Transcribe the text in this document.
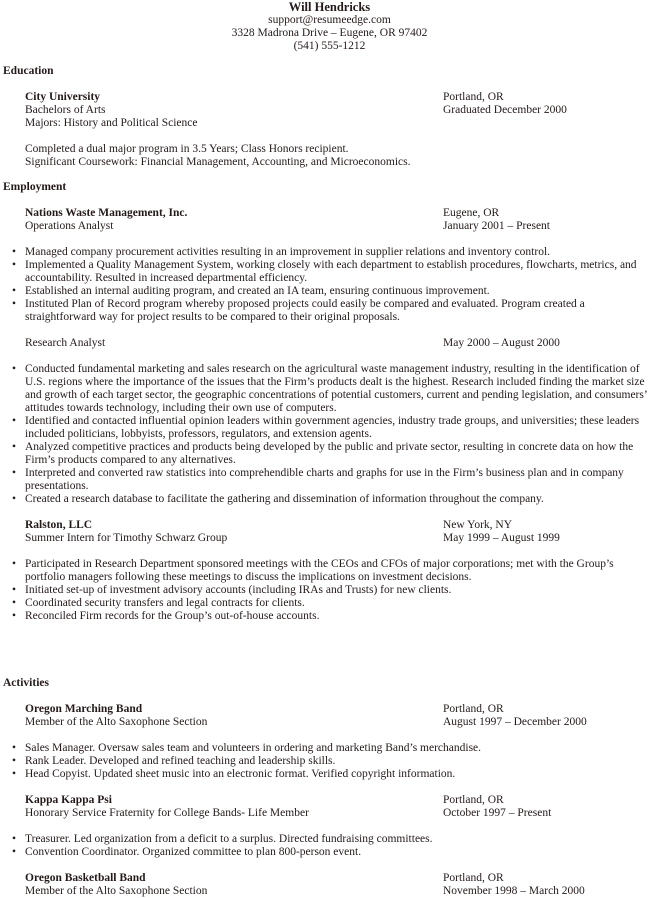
Will Hendricks
support@resumeedge.com
3328 Madrona Drive – Eugene, OR 97402
(541) 555-1212
Education
City University	Portland, OR
Bachelors of Arts	Graduated December 2000
Majors: History and Political Science
Completed a dual major program in 3.5 Years; Class Honors recipient.
Significant Coursework: Financial Management, Accounting, and Microeconomics.
Employment
Nations Waste Management, Inc.	Eugene, OR
Operations Analyst	January 2001 – Present
• Managed company procurement activities resulting in an improvement in supplier relations and inventory control.
• Implemented a Quality Management System, working closely with each department to establish procedures, flowcharts, metrics, and accountability. Resulted in increased departmental efficiency.
• Established an internal auditing program, and created an IA team, ensuring continuous improvement.
• Instituted Plan of Record program whereby proposed projects could easily be compared and evaluated. Program created a straightforward way for project results to be compared to their original proposals.
Research Analyst	May 2000 – August 2000
• Conducted fundamental marketing and sales research on the agricultural waste management industry, resulting in the identification of U.S. regions where the importance of the issues that the Firm’s products dealt is the highest. Research included finding the market size and growth of each target sector, the geographic concentrations of potential customers, current and pending legislation, and consumers’ attitudes towards technology, including their own use of computers.
• Identified and contacted influential opinion leaders within government agencies, industry trade groups, and universities; these leaders included politicians, lobbyists, professors, regulators, and extension agents.
• Analyzed competitive practices and products being developed by the public and private sector, resulting in concrete data on how the Firm’s products compared to any alternatives.
• Interpreted and converted raw statistics into comprehendible charts and graphs for use in the Firm’s business plan and in company presentations.
• Created a research database to facilitate the gathering and dissemination of information throughout the company.
Ralston, LLC	New York, NY
Summer Intern for Timothy Schwarz Group	May 1999 – August 1999
• Participated in Research Department sponsored meetings with the CEOs and CFOs of major corporations; met with the Group’s portfolio managers following these meetings to discuss the implications on investment decisions.
• Initiated set-up of investment advisory accounts (including IRAs and Trusts) for new clients.
• Coordinated security transfers and legal contracts for clients.
• Reconciled Firm records for the Group’s out-of-house accounts.
Activities
Oregon Marching Band	Portland, OR
Member of the Alto Saxophone Section	August 1997 – December 2000
• Sales Manager. Oversaw sales team and volunteers in ordering and marketing Band’s merchandise.
• Rank Leader. Developed and refined teaching and leadership skills.
• Head Copyist. Updated sheet music into an electronic format. Verified copyright information.
Kappa Kappa Psi	Portland, OR
Honorary Service Fraternity for College Bands- Life Member	October 1997 – Present
• Treasurer. Led organization from a deficit to a surplus. Directed fundraising committees.
• Convention Coordinator. Organized committee to plan 800-person event.
Oregon Basketball Band	Portland, OR
Member of the Alto Saxophone Section	November 1998 – March 2000
